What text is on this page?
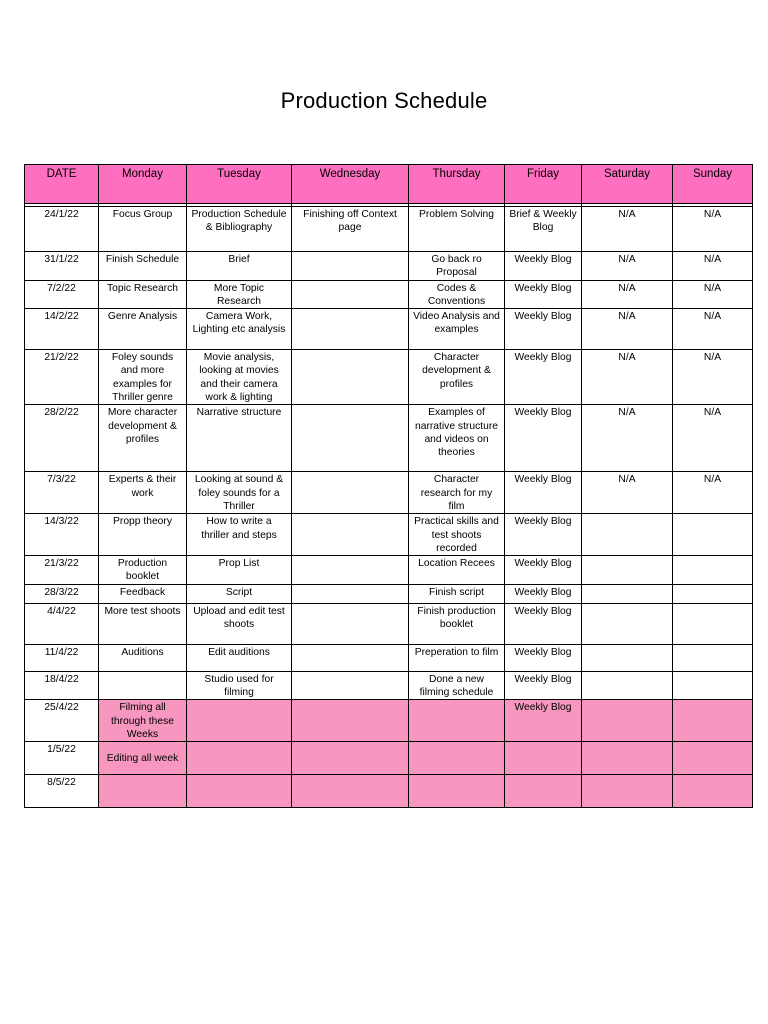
Production Schedule
DATE	Monday	Tuesday	Wednesday	Thursday	Friday	Saturday	Sunday

24/1/22	Focus Group	Production Schedule & Bibliography	Finishing off Context page	Problem Solving	Brief & Weekly Blog	N/A	N/A
31/1/22	Finish Schedule	Brief		Go back ro Proposal	Weekly Blog	N/A	N/A
7/2/22	Topic Research	More Topic Research		Codes & Conventions	Weekly Blog	N/A	N/A
14/2/22	Genre Analysis	Camera Work, Lighting etc analysis		Video Analysis and examples	Weekly Blog	N/A	N/A
21/2/22	Foley sounds and more examples for Thriller genre	Movie analysis, looking at movies and their camera work & lighting		Character development & profiles	Weekly Blog	N/A	N/A
28/2/22	More character development & profiles	Narrative structure		Examples of narrative structure and videos on theories	Weekly Blog	N/A	N/A
7/3/22	Experts & their work	Looking at sound & foley sounds for a Thriller		Character research for my film	Weekly Blog	N/A	N/A
14/3/22	Propp theory	How to write a thriller and steps		Practical skills and test shoots recorded	Weekly Blog		
21/3/22	Production booklet	Prop List		Location Recees	Weekly Blog		
28/3/22	Feedback	Script		Finish script	Weekly Blog		
4/4/22	More test shoots	Upload and edit test shoots		Finish production booklet	Weekly Blog		
11/4/22	Auditions	Edit auditions		Preperation to film	Weekly Blog		
18/4/22		Studio used for filming		Done a new filming schedule	Weekly Blog		
25/4/22	Filming all through these Weeks				Weekly Blog		
1/5/22	Editing all week						
8/5/22							
